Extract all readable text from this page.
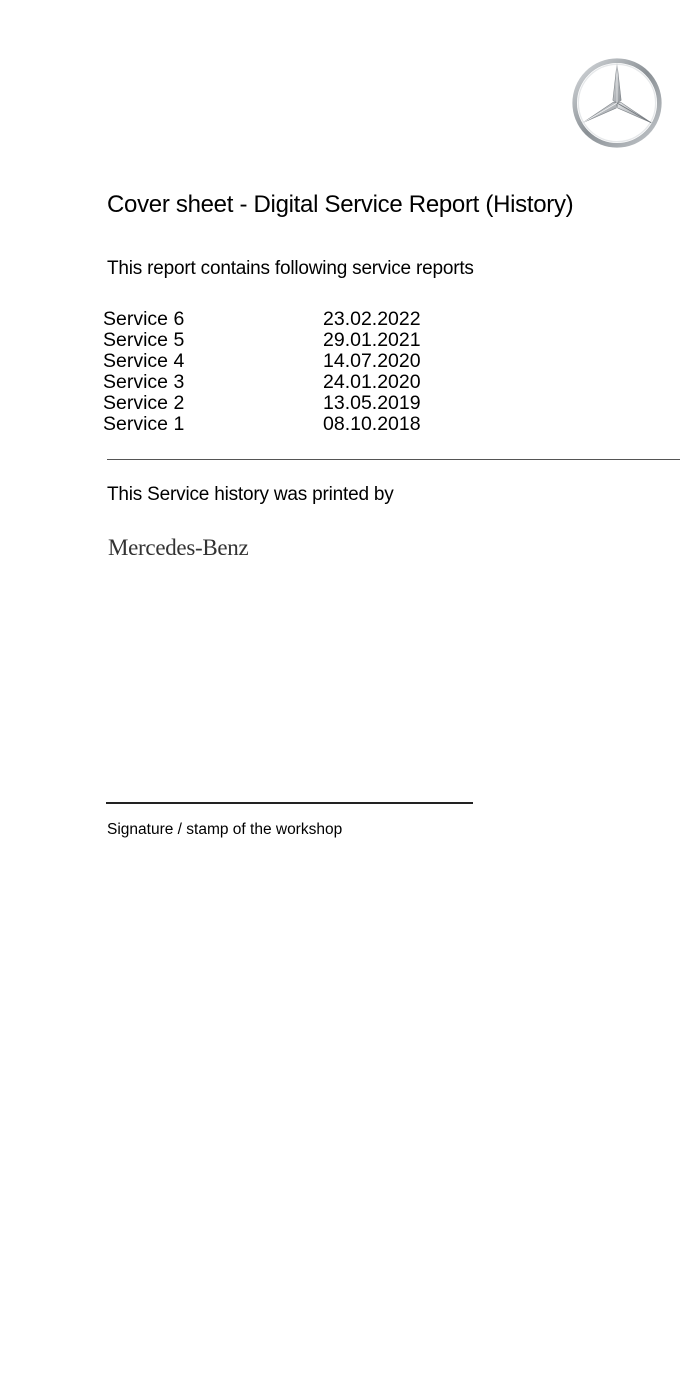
Cover sheet - Digital Service Report (History)
This report contains following service reports
Service 6	23.02.2022
Service 5	29.01.2021
Service 4	14.07.2020
Service 3	24.01.2020
Service 2	13.05.2019
Service 1	08.10.2018
This Service history was printed by
Mercedes-Benz
Signature / stamp of the workshop
